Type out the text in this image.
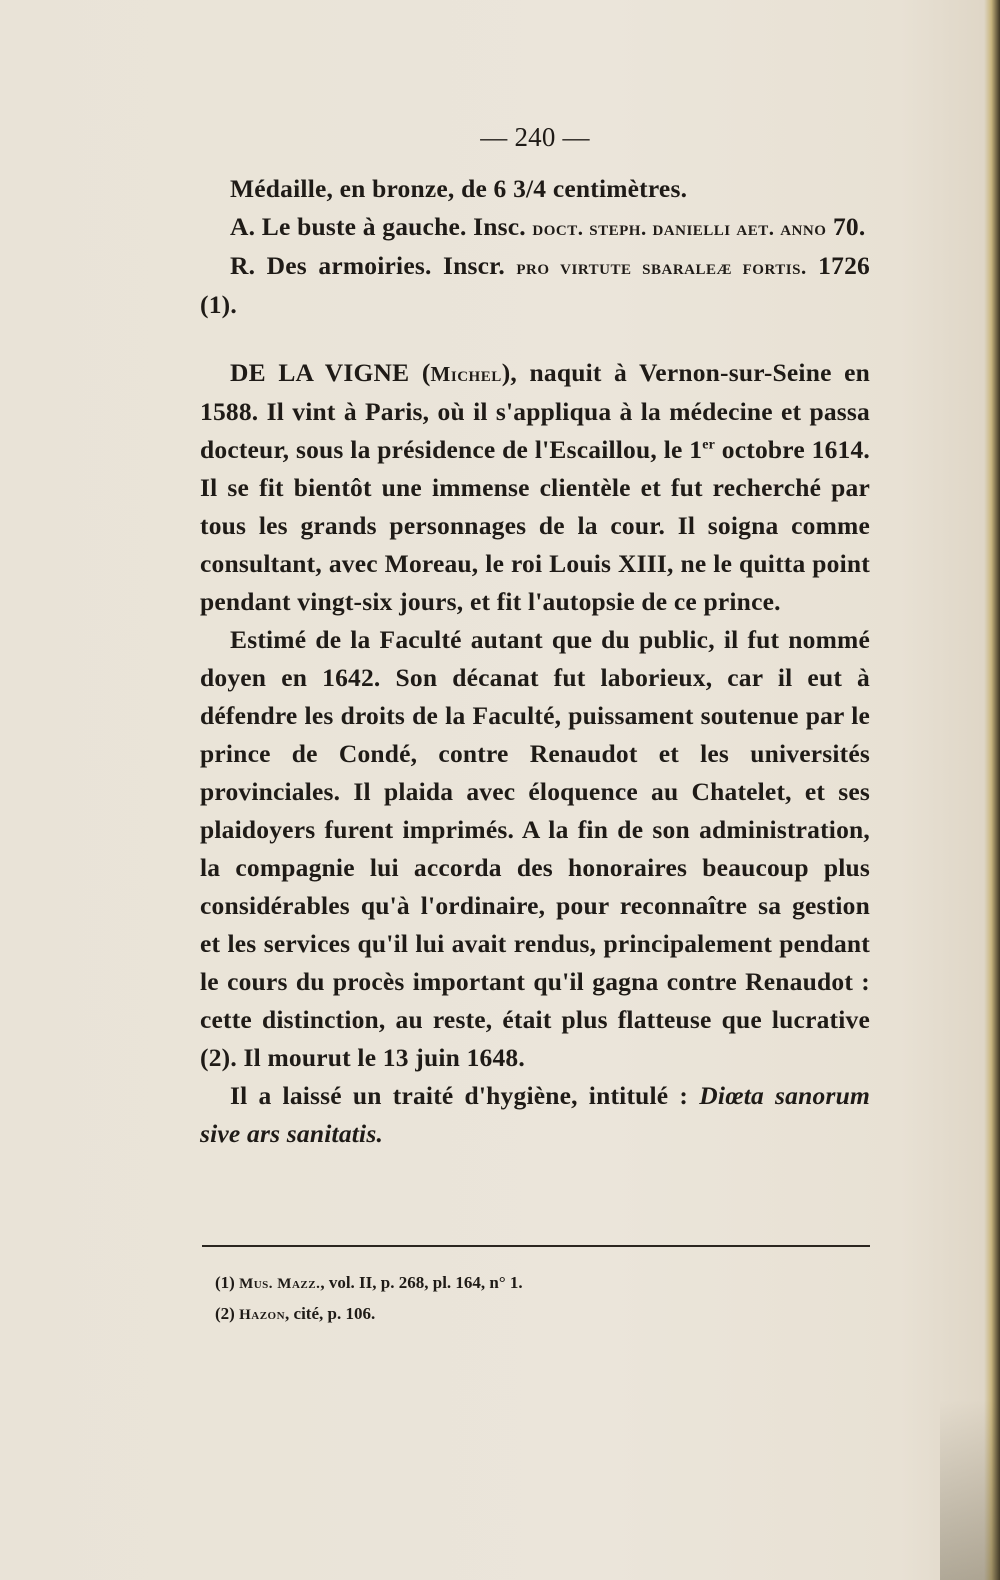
— 240 —

Médaille, en bronze, de 6 3/4 centimètres.

A. Le buste à gauche. Insc. doct. steph. danielli aet. anno 70.

R. Des armoiries. Inscr. pro virtute sbaraleæ fortis. 1726 (1).

DE LA VIGNE (Michel), naquit à Vernon-sur-Seine en 1588. Il vint à Paris, où il s'appliqua à la médecine et passa docteur, sous la présidence de l'Escaillou, le 1er octobre 1614. Il se fit bientôt une immense clientèle et fut recherché par tous les grands personnages de la cour. Il soigna comme consultant, avec Moreau, le roi Louis XIII, ne le quitta point pendant vingt-six jours, et fit l'autopsie de ce prince.

Estimé de la Faculté autant que du public, il fut nommé doyen en 1642. Son décanat fut laborieux, car il eut à défendre les droits de la Faculté, puissament soutenue par le prince de Condé, contre Renaudot et les universités provinciales. Il plaida avec éloquence au Chatelet, et ses plaidoyers furent imprimés. A la fin de son administration, la compagnie lui accorda des honoraires beaucoup plus considérables qu'à l'ordinaire, pour reconnaître sa gestion et les services qu'il lui avait rendus, principalement pendant le cours du procès important qu'il gagna contre Renaudot : cette distinction, au reste, était plus flatteuse que lucrative (2). Il mourut le 13 juin 1648.

Il a laissé un traité d'hygiène, intitulé : Diœta sanorum sive ars sanitatis.

(1) Mus. Mazz., vol. II, p. 268, pl. 164, n° 1.

(2) Hazon, cité, p. 106.
